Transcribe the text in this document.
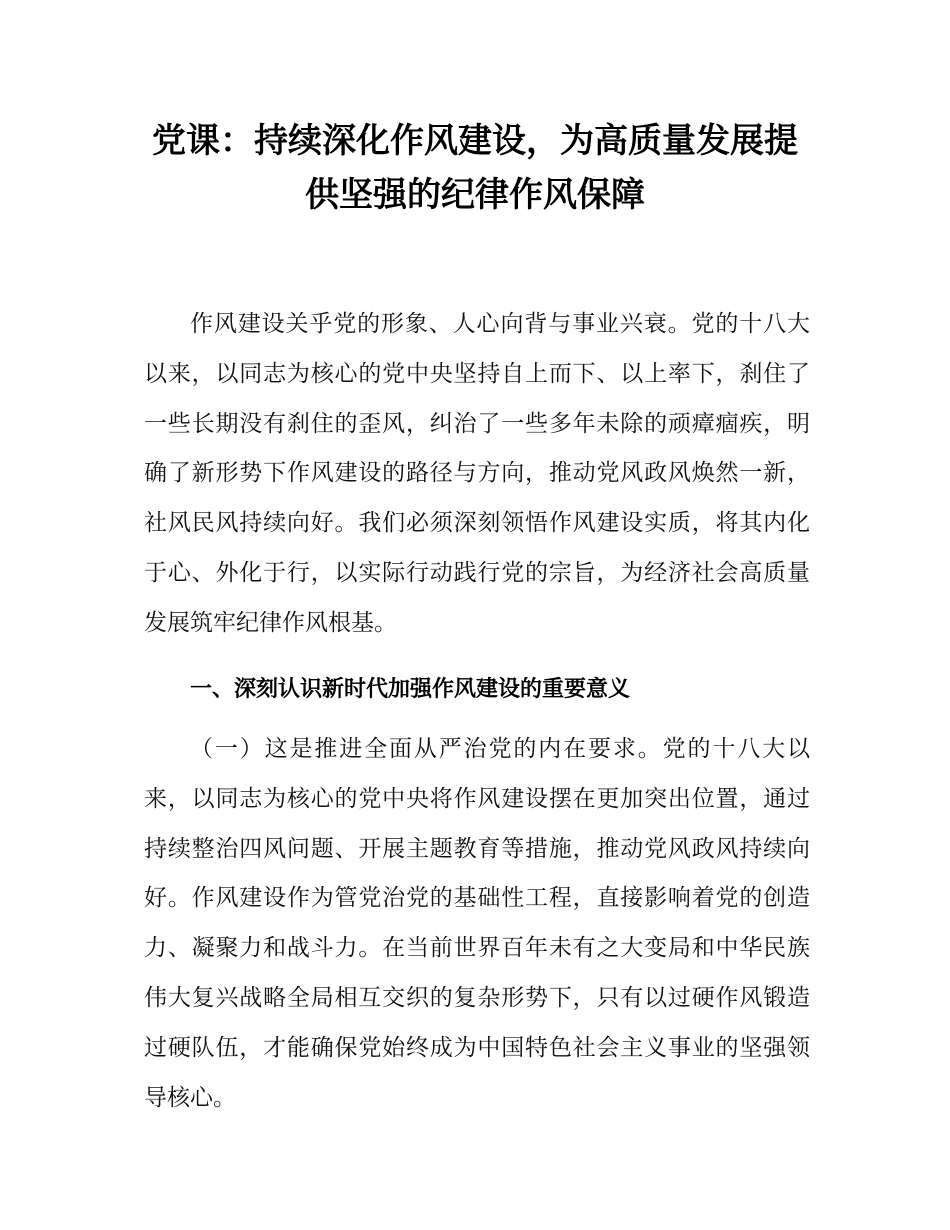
党课：持续深化作风建设，为高质量发展提
供坚强的纪律作风保障

作风建设关乎党的形象、人心向背与事业兴衰。党的十八大以来，以同志为核心的党中央坚持自上而下、以上率下，刹住了一些长期没有刹住的歪风，纠治了一些多年未除的顽瘴痼疾，明确了新形势下作风建设的路径与方向，推动党风政风焕然一新，社风民风持续向好。我们必须深刻领悟作风建设实质，将其内化于心、外化于行，以实际行动践行党的宗旨，为经济社会高质量发展筑牢纪律作风根基。

一、深刻认识新时代加强作风建设的重要意义

（一）这是推进全面从严治党的内在要求。党的十八大以来，以同志为核心的党中央将作风建设摆在更加突出位置，通过持续整治四风问题、开展主题教育等措施，推动党风政风持续向好。作风建设作为管党治党的基础性工程，直接影响着党的创造力、凝聚力和战斗力。在当前世界百年未有之大变局和中华民族伟大复兴战略全局相互交织的复杂形势下，只有以过硬作风锻造过硬队伍，才能确保党始终成为中国特色社会主义事业的坚强领导核心。
